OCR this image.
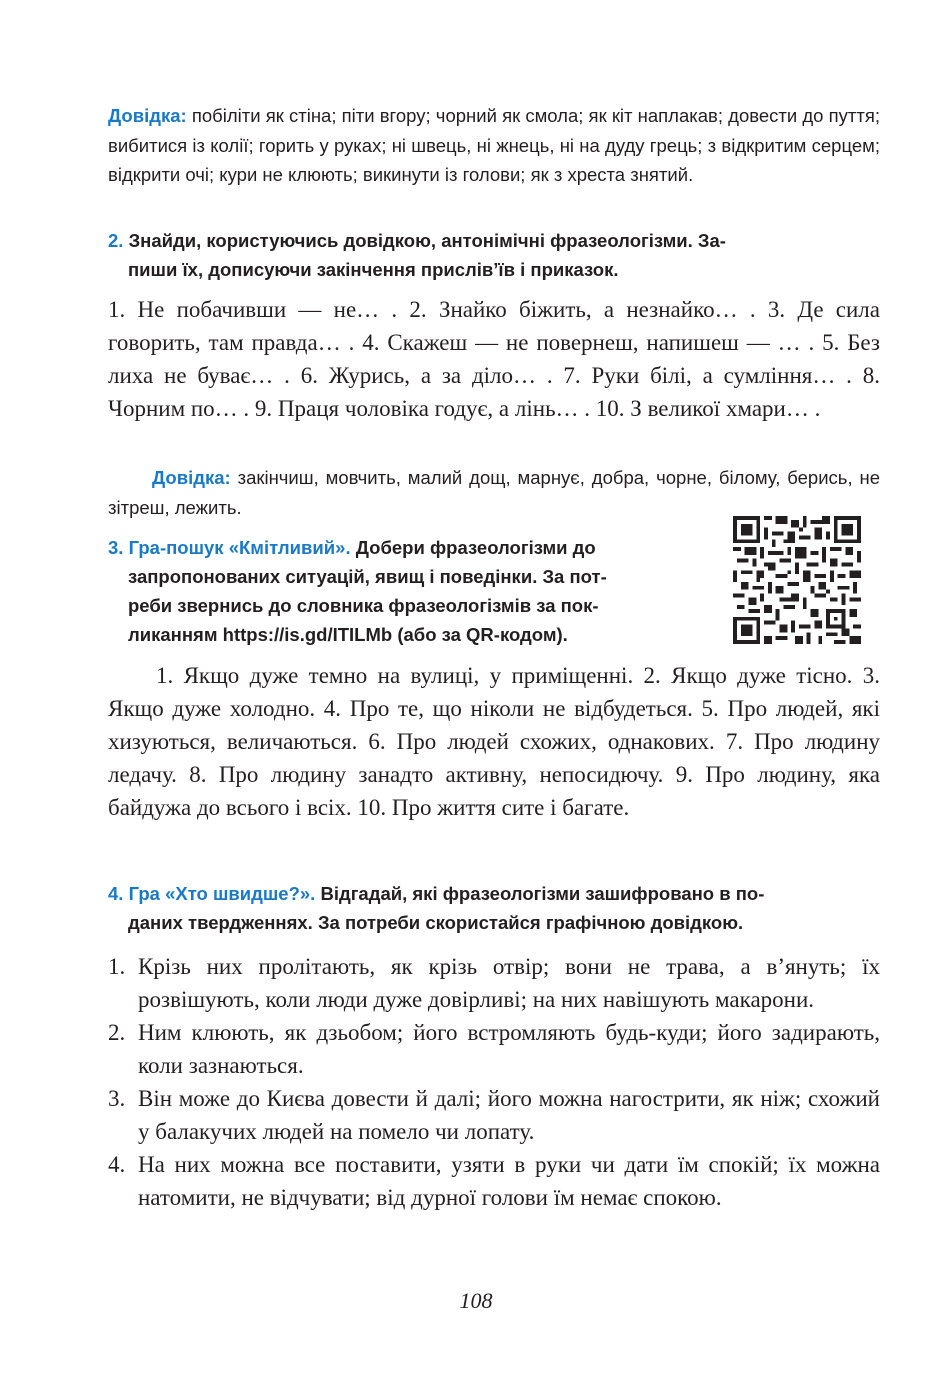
Довідка: побіліти як стіна; піти вгору; чорний як смола; як кіт наплакав; довести до пуття; вибитися із колії; горить у руках; ні швець, ні жнець, ні на дуду грець; з відкритим серцем; відкрити очі; кури не клюють; викинути із голови; як з хреста знятий.
2. Знайди, користуючись довідкою, антонімічні фразеологізми. За-
пиши їх, дописуючи закінчення прислів’їв і приказок.
1. Не побачивши — не… . 2. Знайко біжить, а незнайко… . 3. Де сила говорить, там правда… . 4. Скажеш — не повернеш, напишеш — … . 5. Без лиха не буває… . 6. Журись, а за діло… . 7. Руки білі, а сумління… . 8. Чорним по… . 9. Праця чоловіка годує, а лінь… . 10. З великої хмари… .
Довідка: закінчиш, мовчить, малий дощ, марнує, добра, чорне, білому, берись, не зітреш, лежить.
3. Гра-пошук «Кмітливий». Добери фразеологізми до
запропонованих ситуацій, явищ і поведінки. За пот-
реби звернись до словника фразеологізмів за пок-
ликанням https://is.gd/ITILMb (або за QR-кодом).
1. Якщо дуже темно на вулиці, у приміщенні. 2. Якщо дуже тісно. 3. Якщо дуже холодно. 4. Про те, що ніколи не відбудеться. 5. Про людей, які хизуються, величаються. 6. Про людей схожих, однакових. 7. Про людину ледачу. 8. Про людину занадто активну, непосидючу. 9. Про людину, яка байдужа до всього і всіх. 10. Про життя сите і багате.
4. Гра «Хто швидше?». Відгадай, які фразеологізми зашифровано в по-
даних твердженнях. За потреби скористайся графічною довідкою.
1. Крізь них пролітають, як крізь отвір; вони не трава, а в’януть; їх розвішують, коли люди дуже довірливі; на них навішують макарони.
2. Ним клюють, як дзьобом; його встромляють будь-куди; його задирають, коли зазнаються.
3. Він може до Києва довести й далі; його можна нагострити, як ніж; схожий у балакучих людей на помело чи лопату.
4. На них можна все поставити, узяти в руки чи дати їм спокій; їх можна натомити, не відчувати; від дурної голови їм немає спокою.
108
